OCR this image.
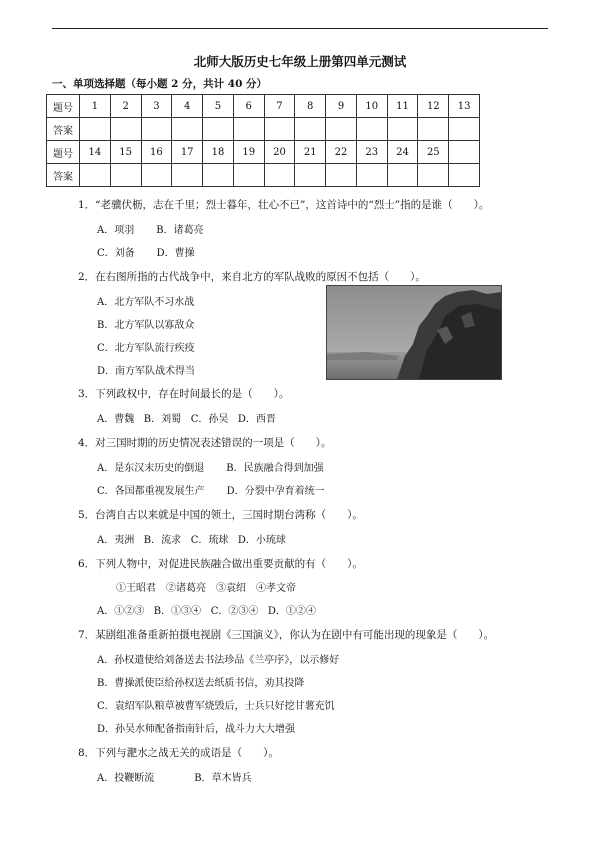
北师大版历史七年级上册第四单元测试
一、单项选择题（每小题 2 分，共计 40 分）
题号	1	2	3	4	5	6	7	8	9	10	11	12	13
答案													
题号	14	15	16	17	18	19	20	21	22	23	24	25	
答案													
1．“老骥伏枥，志在千里；烈士暮年，壮心不已”，这首诗中的“烈士”指的是谁（　　）。
A．项羽 B．诸葛亮
C．刘备 D．曹操
2．在右图所指的古代战争中，来自北方的军队战败的原因不包括（　　）。
A．北方军队不习水战
B．北方军队以寡敌众
C．北方军队流行疾疫
D．南方军队战术得当
3．下列政权中，存在时间最长的是（　　）。
A．曹魏 B．刘蜀 C．孙吴 D．西晋
4．对三国时期的历史情况表述错误的一项是（　　）。
A．是东汉末历史的倒退 B．民族融合得到加强
C．各国都重视发展生产 D．分裂中孕育着统一
5．台湾自古以来就是中国的领土，三国时期台湾称（　　）。
A．夷洲 B．流求 C．琉球 D．小琉球
6．下列人物中，对促进民族融合做出重要贡献的有（　　）。
①王昭君　②诸葛亮　③袁绍　④孝文帝
A．①②③ B．①③④ C．②③④ D．①②④
7．某剧组准备重新拍摄电视剧《三国演义》，你认为在剧中有可能出现的现象是（　　）。
A．孙权遣使给刘备送去书法珍品《兰亭序》，以示修好
B．曹操派使臣给孙权送去纸质书信，劝其投降
C．袁绍军队粮草被曹军烧毁后，士兵只好挖甘薯充饥
D．孙吴水师配备指南针后，战斗力大大增强
8．下列与淝水之战无关的成语是（　　）。
A．投鞭断流	B．草木皆兵
